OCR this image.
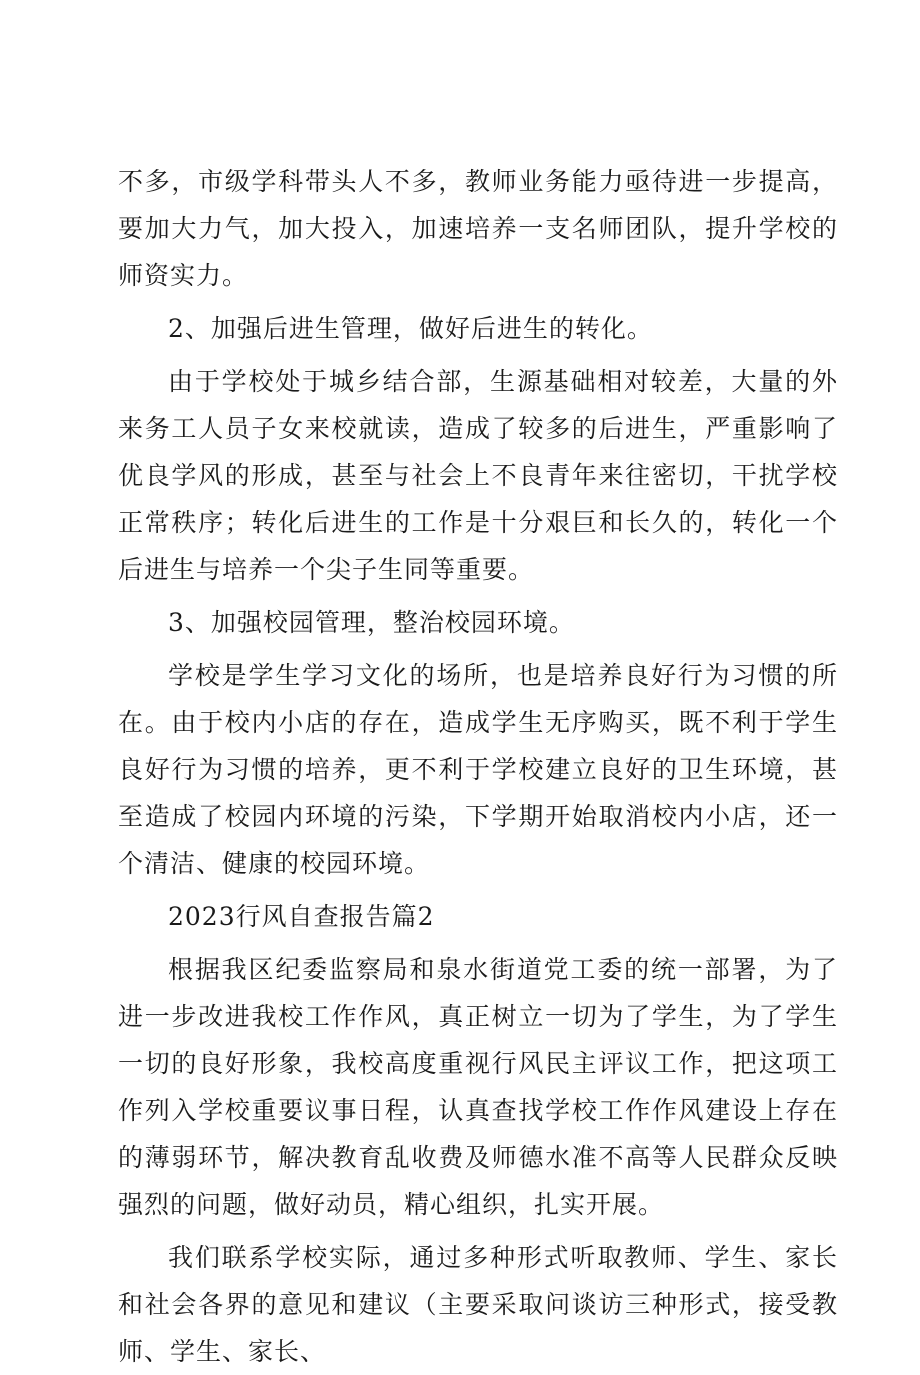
不多，市级学科带头人不多，教师业务能力亟待进一步提高，要加大力气，加大投入，加速培养一支名师团队，提升学校的师资实力。

2、加强后进生管理，做好后进生的转化。

由于学校处于城乡结合部，生源基础相对较差，大量的外来务工人员子女来校就读，造成了较多的后进生，严重影响了优良学风的形成，甚至与社会上不良青年来往密切，干扰学校正常秩序；转化后进生的工作是十分艰巨和长久的，转化一个后进生与培养一个尖子生同等重要。

3、加强校园管理，整治校园环境。

学校是学生学习文化的场所，也是培养良好行为习惯的所在。由于校内小店的存在，造成学生无序购买，既不利于学生良好行为习惯的培养，更不利于学校建立良好的卫生环境，甚至造成了校园内环境的污染，下学期开始取消校内小店，还一个清洁、健康的校园环境。

2023行风自查报告篇2

根据我区纪委监察局和泉水街道党工委的统一部署，为了进一步改进我校工作作风，真正树立一切为了学生，为了学生一切的良好形象，我校高度重视行风民主评议工作，把这项工作列入学校重要议事日程，认真查找学校工作作风建设上存在的薄弱环节，解决教育乱收费及师德水准不高等人民群众反映强烈的问题，做好动员，精心组织，扎实开展。

我们联系学校实际，通过多种形式听取教师、学生、家长和社会各界的意见和建议（主要采取问谈访三种形式，接受教师、学生、家长、
